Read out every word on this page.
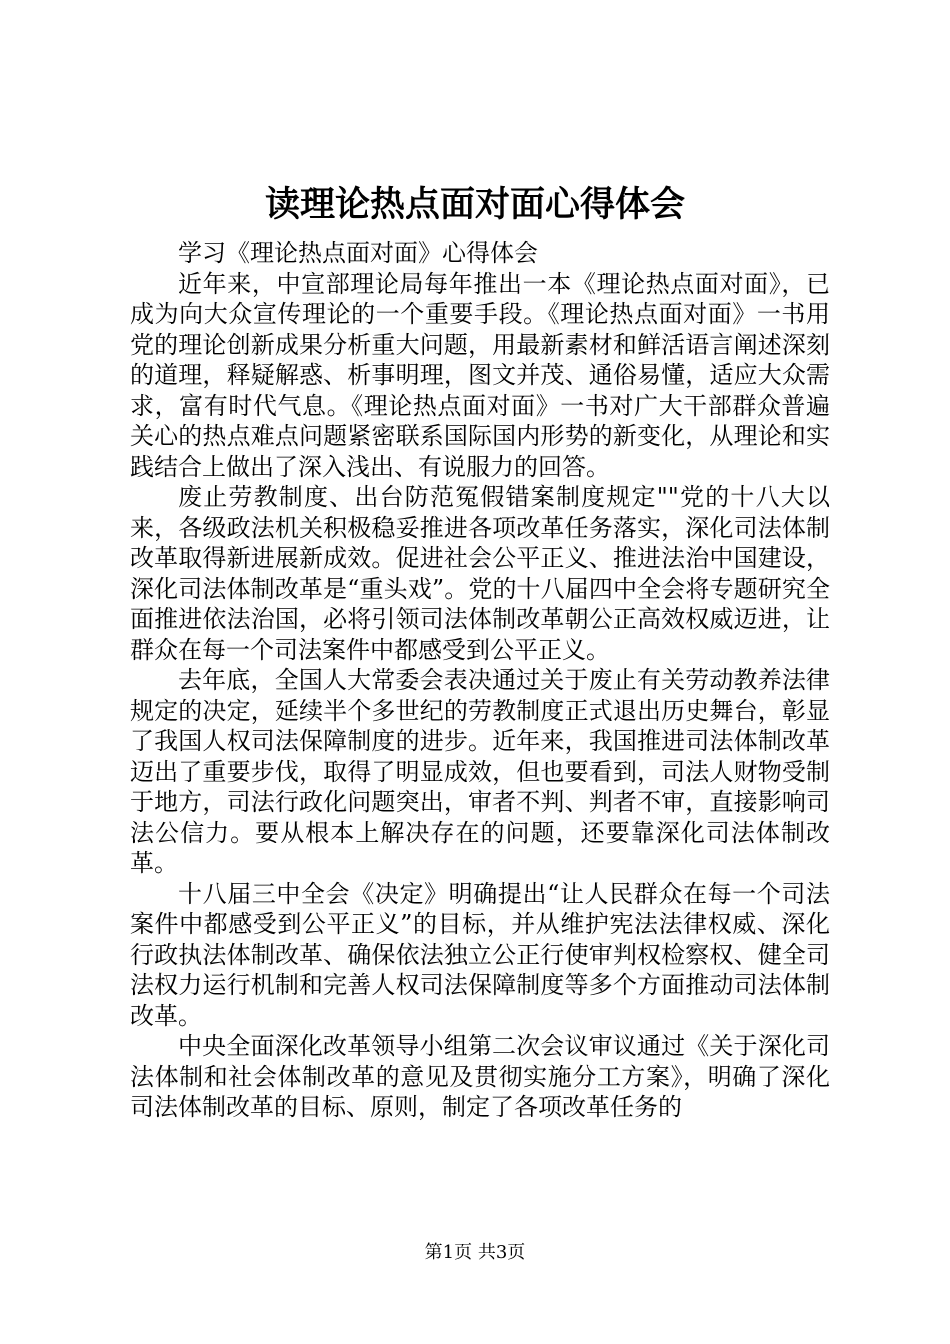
读理论热点面对面心得体会

学习《理论热点面对面》心得体会

近年来，中宣部理论局每年推出一本《理论热点面对面》，已成为向大众宣传理论的一个重要手段。《理论热点面对面》一书用党的理论创新成果分析重大问题，用最新素材和鲜活语言阐述深刻的道理，释疑解惑、析事明理，图文并茂、通俗易懂，适应大众需求，富有时代气息。《理论热点面对面》一书对广大干部群众普遍关心的热点难点问题紧密联系国际国内形势的新变化，从理论和实践结合上做出了深入浅出、有说服力的回答。

废止劳教制度、出台防范冤假错案制度规定""党的十八大以来，各级政法机关积极稳妥推进各项改革任务落实，深化司法体制改革取得新进展新成效。促进社会公平正义、推进法治中国建设，深化司法体制改革是“重头戏”。党的十八届四中全会将专题研究全面推进依法治国，必将引领司法体制改革朝公正高效权威迈进，让群众在每一个司法案件中都感受到公平正义。

去年底，全国人大常委会表决通过关于废止有关劳动教养法律规定的决定，延续半个多世纪的劳教制度正式退出历史舞台，彰显了我国人权司法保障制度的进步。近年来，我国推进司法体制改革迈出了重要步伐，取得了明显成效，但也要看到，司法人财物受制于地方，司法行政化问题突出，审者不判、判者不审，直接影响司法公信力。要从根本上解决存在的问题，还要靠深化司法体制改革。

十八届三中全会《决定》明确提出“让人民群众在每一个司法案件中都感受到公平正义”的目标，并从维护宪法法律权威、深化行政执法体制改革、确保依法独立公正行使审判权检察权、健全司法权力运行机制和完善人权司法保障制度等多个方面推动司法体制改革。

中央全面深化改革领导小组第二次会议审议通过《关于深化司法体制和社会体制改革的意见及贯彻实施分工方案》，明确了深化司法体制改革的目标、原则，制定了各项改革任务的

第1页 共3页
